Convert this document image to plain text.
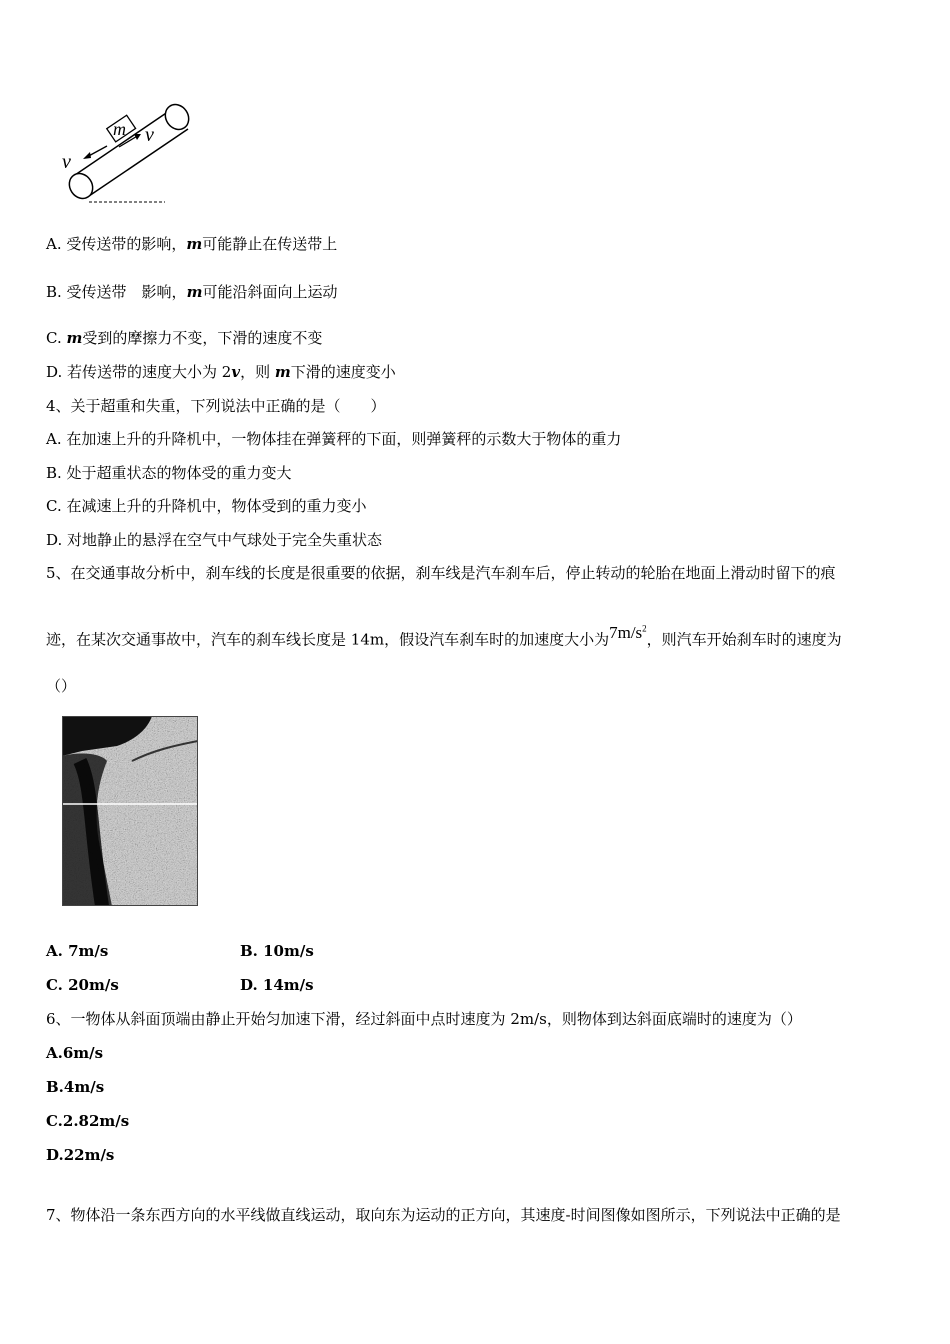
m
v
v
A. 受传送带的影响，m可能静止在传送带上
B. 受传送带　影响，m可能沿斜面向上运动
C. m受到的摩擦力不变，下滑的速度不变
D. 若传送带的速度大小为 2v，则 m下滑的速度变小
4、关于超重和失重，下列说法中正确的是（　　）
A. 在加速上升的升降机中，一物体挂在弹簧秤的下面，则弹簧秤的示数大于物体的重力
B. 处于超重状态的物体受的重力变大
C. 在减速上升的升降机中，物体受到的重力变小
D. 对地静止的悬浮在空气中气球处于完全失重状态
5、在交通事故分析中，刹车线的长度是很重要的依据，刹车线是汽车刹车后，停止转动的轮胎在地面上滑动时留下的痕
迹，在某次交通事故中，汽车的刹车线长度是 14m，假设汽车刹车时的加速度大小为$7m/s^2$，则汽车开始刹车时的速度为
（）
A. 7m/s	B. 10m/s
C. 20m/s	D. 14m/s
6、一物体从斜面顶端由静止开始匀加速下滑，经过斜面中点时速度为 2m/s，则物体到达斜面底端时的速度为（）
A.6m/s
B.4m/s
C.2.82m/s
D.22m/s
7、物体沿一条东西方向的水平线做直线运动，取向东为运动的正方向，其速度-时间图像如图所示，下列说法中正确的是
